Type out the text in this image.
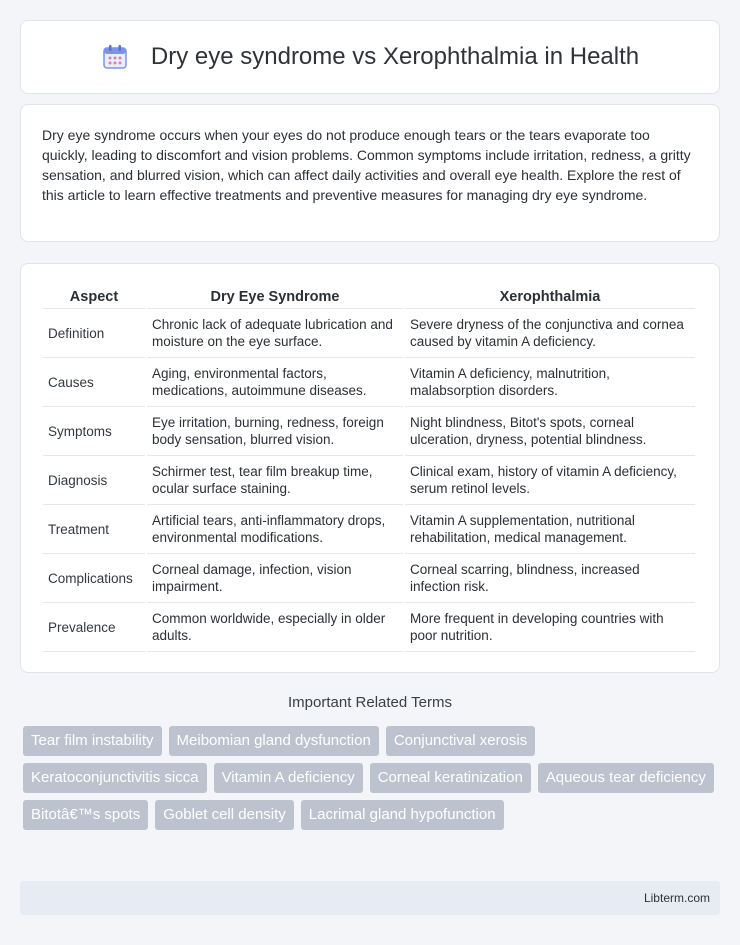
Dry eye syndrome vs Xerophthalmia in Health

Dry eye syndrome occurs when your eyes do not produce enough tears or the tears evaporate too quickly, leading to discomfort and vision problems. Common symptoms include irritation, redness, a gritty sensation, and blurred vision, which can affect daily activities and overall eye health. Explore the rest of this article to learn effective treatments and preventive measures for managing dry eye syndrome.

Aspect	Dry Eye Syndrome	Xerophthalmia
Definition	Chronic lack of adequate lubrication and moisture on the eye surface.	Severe dryness of the conjunctiva and cornea caused by vitamin A deficiency.
Causes	Aging, environmental factors, medications, autoimmune diseases.	Vitamin A deficiency, malnutrition, malabsorption disorders.
Symptoms	Eye irritation, burning, redness, foreign body sensation, blurred vision.	Night blindness, Bitot's spots, corneal ulceration, dryness, potential blindness.
Diagnosis	Schirmer test, tear film breakup time, ocular surface staining.	Clinical exam, history of vitamin A deficiency, serum retinol levels.
Treatment	Artificial tears, anti-inflammatory drops, environmental modifications.	Vitamin A supplementation, nutritional rehabilitation, medical management.
Complications	Corneal damage, infection, vision impairment.	Corneal scarring, blindness, increased infection risk.
Prevalence	Common worldwide, especially in older adults.	More frequent in developing countries with poor nutrition.
Important Related Terms
Tear film instability	Meibomian gland dysfunction	Conjunctival xerosis
Keratoconjunctivitis sicca	Vitamin A deficiency	Corneal keratinization	Aqueous tear deficiency
Bitotâ€™s spots	Goblet cell density	Lacrimal gland hypofunction
Libterm.com
